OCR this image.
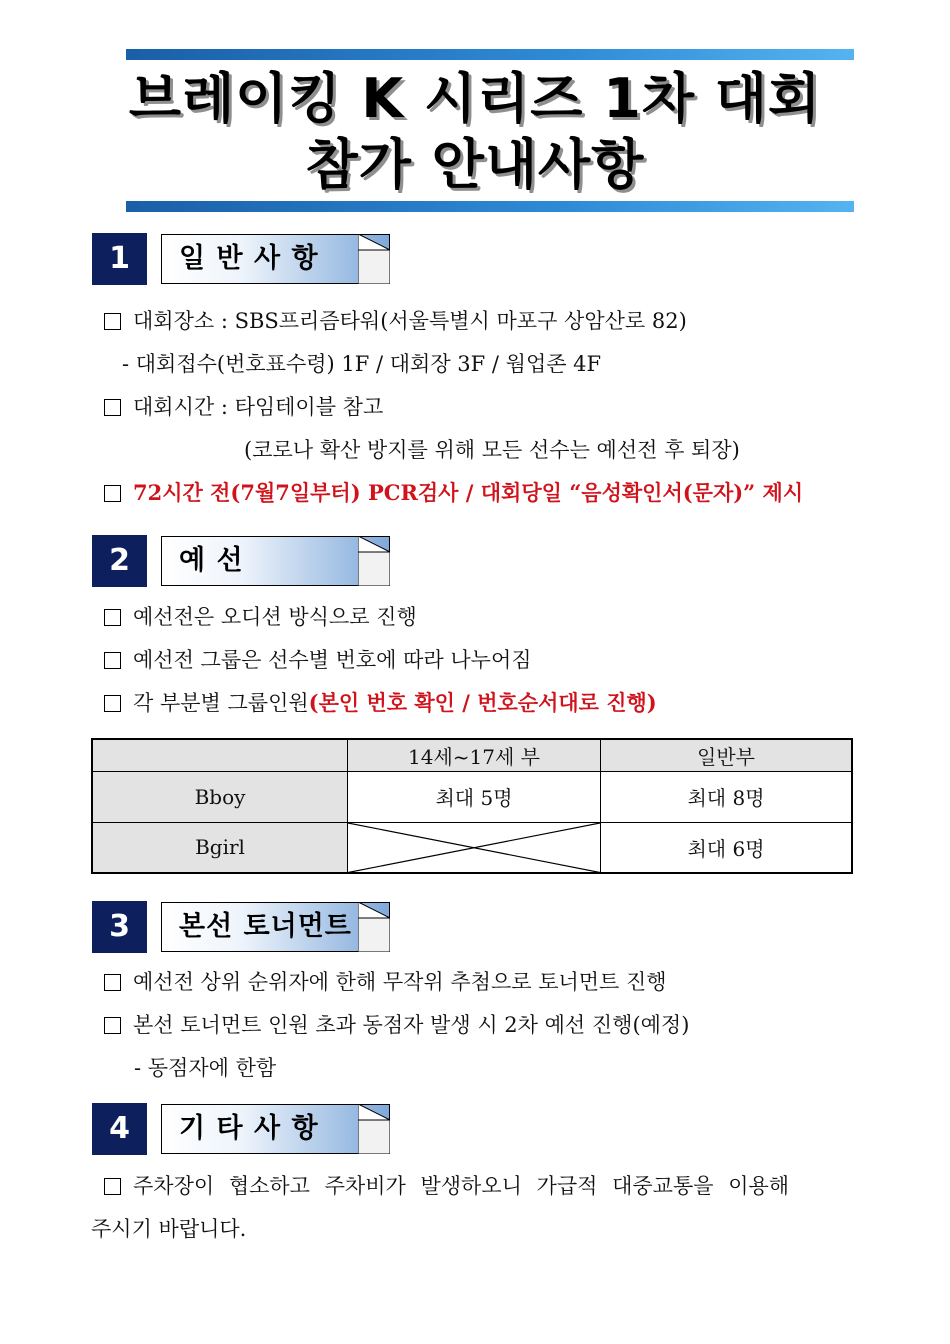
브레이킹 K 시리즈 1차 대회
참가 안내사항
1	일 반 사 항
대회장소 : SBS프리즘타워(서울특별시 마포구 상암산로 82)
- 대회접수(번호표수령) 1F / 대회장 3F / 웜업존 4F
대회시간 : 타임테이블 참고
(코로나 확산 방지를 위해 모든 선수는 예선전 후 퇴장)
72시간 전(7월7일부터) PCR검사 / 대회당일 “음성확인서(문자)” 제시
2	예 선
예선전은 오디션 방식으로 진행
예선전 그룹은 선수별 번호에 따라 나누어짐
각 부분별 그룹인원(본인 번호 확인 / 번호순서대로 진행)
	14세~17세 부	일반부
Bboy	최대 5명	최대 8명
Bgirl		최대 6명
3	본선 토너먼트
예선전 상위 순위자에 한해 무작위 추첨으로 토너먼트 진행
본선 토너먼트 인원 초과 동점자 발생 시 2차 예선 진행(예정)
- 동점자에 한함
4	기 타 사 항
주차장이 협소하고 주차비가 발생하오니 가급적 대중교통을 이용해
주시기 바랍니다.
